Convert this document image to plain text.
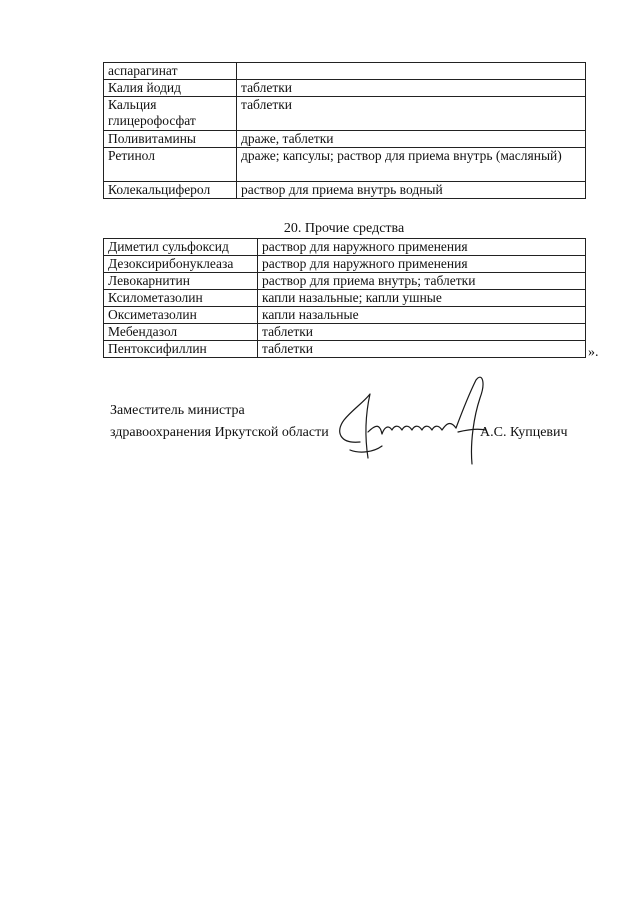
аспарагинат	
Калия йодид	таблетки
Кальция глицерофосфат	таблетки
Поливитамины	драже, таблетки
Ретинол	драже; капсулы; раствор для приема внутрь (масляный)
Колекальциферол	раствор для приема внутрь водный
20. Прочие средства
Диметил сульфоксид	раствор для наружного применения
Дезоксирибонуклеаза	раствор для наружного применения
Левокарнитин	раствор для приема внутрь; таблетки
Ксилометазолин	капли назальные; капли ушные
Оксиметазолин	капли назальные
Мебендазол	таблетки
Пентоксифиллин	таблетки	».
Заместитель министра
здравоохранения Иркутской области	А.С. Купцевич
